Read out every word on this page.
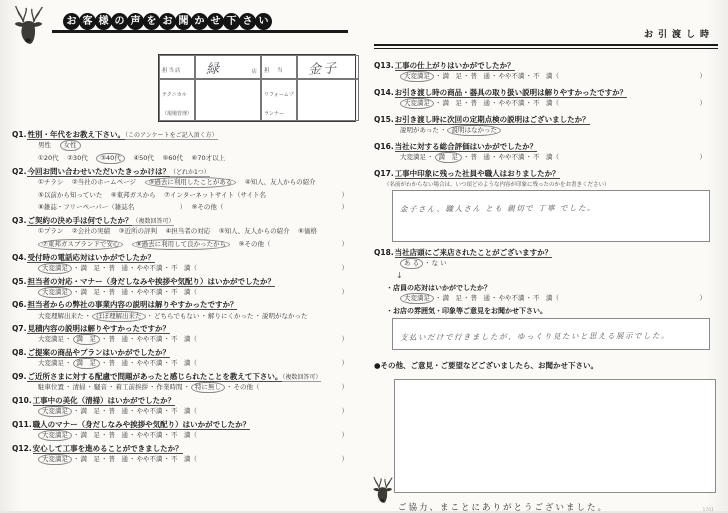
お 客 様 の 声 を お 聞 か せ 下 さ い
担当店	緑	店	担　当	金子
テクニカル（現場管理）
リフォームプランナー
Q1.性別・年代をお教え下さい。（このアンケートをご記入頂く方）
男性　 女性
①20代　 ②30代　 ③40代　 ④50代　 ⑤60代　 ⑥70才以上
Q2.今回お問い合わせいただいたきっかけは？（どれか1つ）
①チラシ　 ②当社のホームページ　 ③過去に利用したことがある　 ④知人、友人からの紹介
⑤以前から知っていた　 ⑥東邦ガスから　 ⑦インターネットサイト（サイト名	）
⑧雑誌・フリーペーパー（雑誌名　　　　　　　）　 ⑨その他（	）
Q3.ご契約の決め手は何でしたか？（複数回答可）
①プラン　 ②会社の実績　 ③近所の評判　 ④担当者の対応　 ⑤知人、友人からの紹介　 ⑥価格
⑦東邦ガスブランドで安心　	⑧過去に利用して良かったから　 ⑨その他（	）
Q4.受付時の電話応対はいかがでしたか？
大変満足 ・満　足・普　通・やや不満・不　満（	）
Q5.担当者の対応・マナー（身だしなみや挨拶や気配り）はいかがでしたか？
大変満足 ・満　足・普　通・やや不満・不　満（	）
Q6.担当者からの弊社の事業内容の説明は解りやすかったですか？
大変理解出来た・ ほぼ理解出来た ・どちらでもない・解りにくかった・説明がなかった
Q7.見積内容の説明は解りやすかったですか？
大変満足・ 満　足 ・普　通・やや不満・不　満（	）
Q8.ご提案の商品やプランはいかがでしたか？
大変満足・ 満　足 ・普　通・やや不満・不　満（	）
Q9.ご近所さまに対する配慮で問題があったと感じられたことを教えて下さい。（複数回答可）
駐車位置・清掃・騒音・着工前挨拶・作業時間・ 特に無し ・その他（	）
Q10.工事中の美化（清掃）はいかがでしたか？
大変満足 ・満　足・普　通・やや不満・不　満（	）
Q11.職人のマナー（身だしなみや挨拶や気配り）はいかがでしたか？
大変満足 ・満　足・普　通・やや不満・不　満（	）
Q12.安心して工事を進めることができましたか？
大変満足 ・満　足・普　通・やや不満・不　満（	）
お引渡し時
Q13.工事の仕上がりはいかがでしたか？
大変満足 ・満　足・普　通・やや不満・不　満（	）
Q14.お引き渡し時の商品・器具の取り扱い説明は解りやすかったですか？
大変満足 ・満　足・普　通・やや不満・不　満（	）
Q15.お引き渡し時に次回の定期点検の説明はございましたか？
説明があった・ 説明はなかった
Q16.当社に対する総合評価はいかがでしたか？
大変満足・ 満　足 ・普　通・やや不満・不　満（	）
Q17.工事中印象に残った社員や職人はおりましたか？
（名前がわからない場合は、いつ頃どのような内容が印象に残ったのかをお書きください）
金子さん、職人さん とも 親切で 丁寧 でした。
Q18.当社店頭にご来店されたことがございますか？
あ る ・な い
↓
・店員の応対はいかがでしたか？
大変満足 ・満　足・普　通・やや不満・不　満（	）
・お店の雰囲気・印象等ご意見をお聞かせ下さい。
支払いだけで行きましたが、ゆっくり見たいと思える展示でした。
●その他、ご意見・ご要望などございましたら、お聞かせ下さい。
ご協力、まことにありがとうございました。	1701
